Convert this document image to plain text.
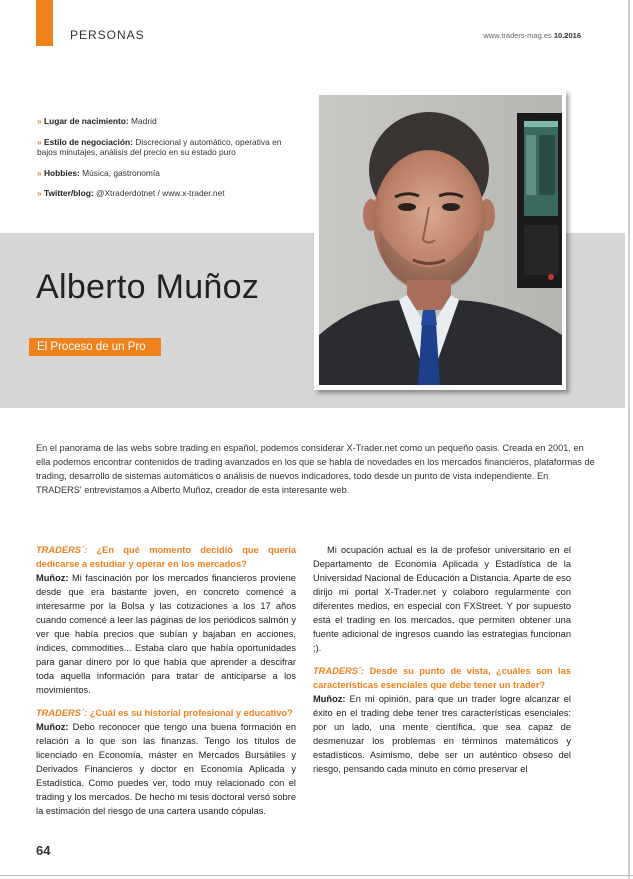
PERSONAS	www.traders-mag.es 10.2016
» Lugar de nacimiento: Madrid
» Estilo de negociación: Discrecional y automático, operativa en bajos minutajes, análisis del precio en su estado puro
» Hobbies: Música, gastronomía
» Twitter/blog: @Xtraderdotnet / www.x-trader.net
Alberto Muñoz
El Proceso de un Pro
En el panorama de las webs sobre trading en español, podemos considerar X-Trader.net como un pequeño oasis. Creada en 2001, en ella podemos encontrar contenidos de trading avanzados en los que se habla de novedades en los mercados financieros, plataformas de trading, desarrollo de sistemas automáticos o análisis de nuevos indicadores, todo desde un punto de vista independiente. En TRADERS' entrevistamos a Alberto Muñoz, creador de esta interesante web.

TRADERS´: ¿En qué momento decidió que quería dedicarse a estudiar y operar en los mercados?
Muñoz: Mi fascinación por los mercados financieros proviene desde que era bastante joven, en concreto comencé a interesarme por la Bolsa y las cotizaciones a los 17 años cuando comencé a leer las páginas de los periódicos salmón y ver que había precios que subían y bajaban en acciones, índices, commodities... Estaba claro que había oportunidades para ganar dinero por lo que había que aprender a descifrar toda aquella información para tratar de anticiparse a los movimientos.

TRADERS´: ¿Cuál es su historial profesional y educativo?
Muñoz: Debo reconocer que tengo una buena formación en relación a lo que son las finanzas. Tengo los títulos de licenciado en Economía, máster en Mercados Bursátiles y Derivados Financieros y doctor en Economía Aplicada y Estadística. Como puedes ver, todo muy relacionado con el trading y los mercados. De hecho mi tesis doctoral versó sobre la estimación del riesgo de una cartera usando cópulas.

Mi ocupación actual es la de profesor universitario en el Departamento de Economía Aplicada y Estadística de la Universidad Nacional de Educación a Distancia. Aparte de eso dirijo mi portal X-Trader.net y colaboro regularmente con diferentes medios, en especial con FXStreet. Y por supuesto está el trading en los mercados, que permiten obtener una fuente adicional de ingresos cuando las estrategias funcionan ;).

TRADERS´: Desde su punto de vista, ¿cuáles son las características esenciales que debe tener un trader?
Muñoz: En mi opinión, para que un trader logre alcanzar el éxito en el trading debe tener tres características esenciales: por un lado, una mente científica, que sea capaz de desmenuzar los problemas en términos matemáticos y estadísticos. Asimismo, debe ser un auténtico obseso del riesgo, pensando cada minuto en cómo preservar el

64
